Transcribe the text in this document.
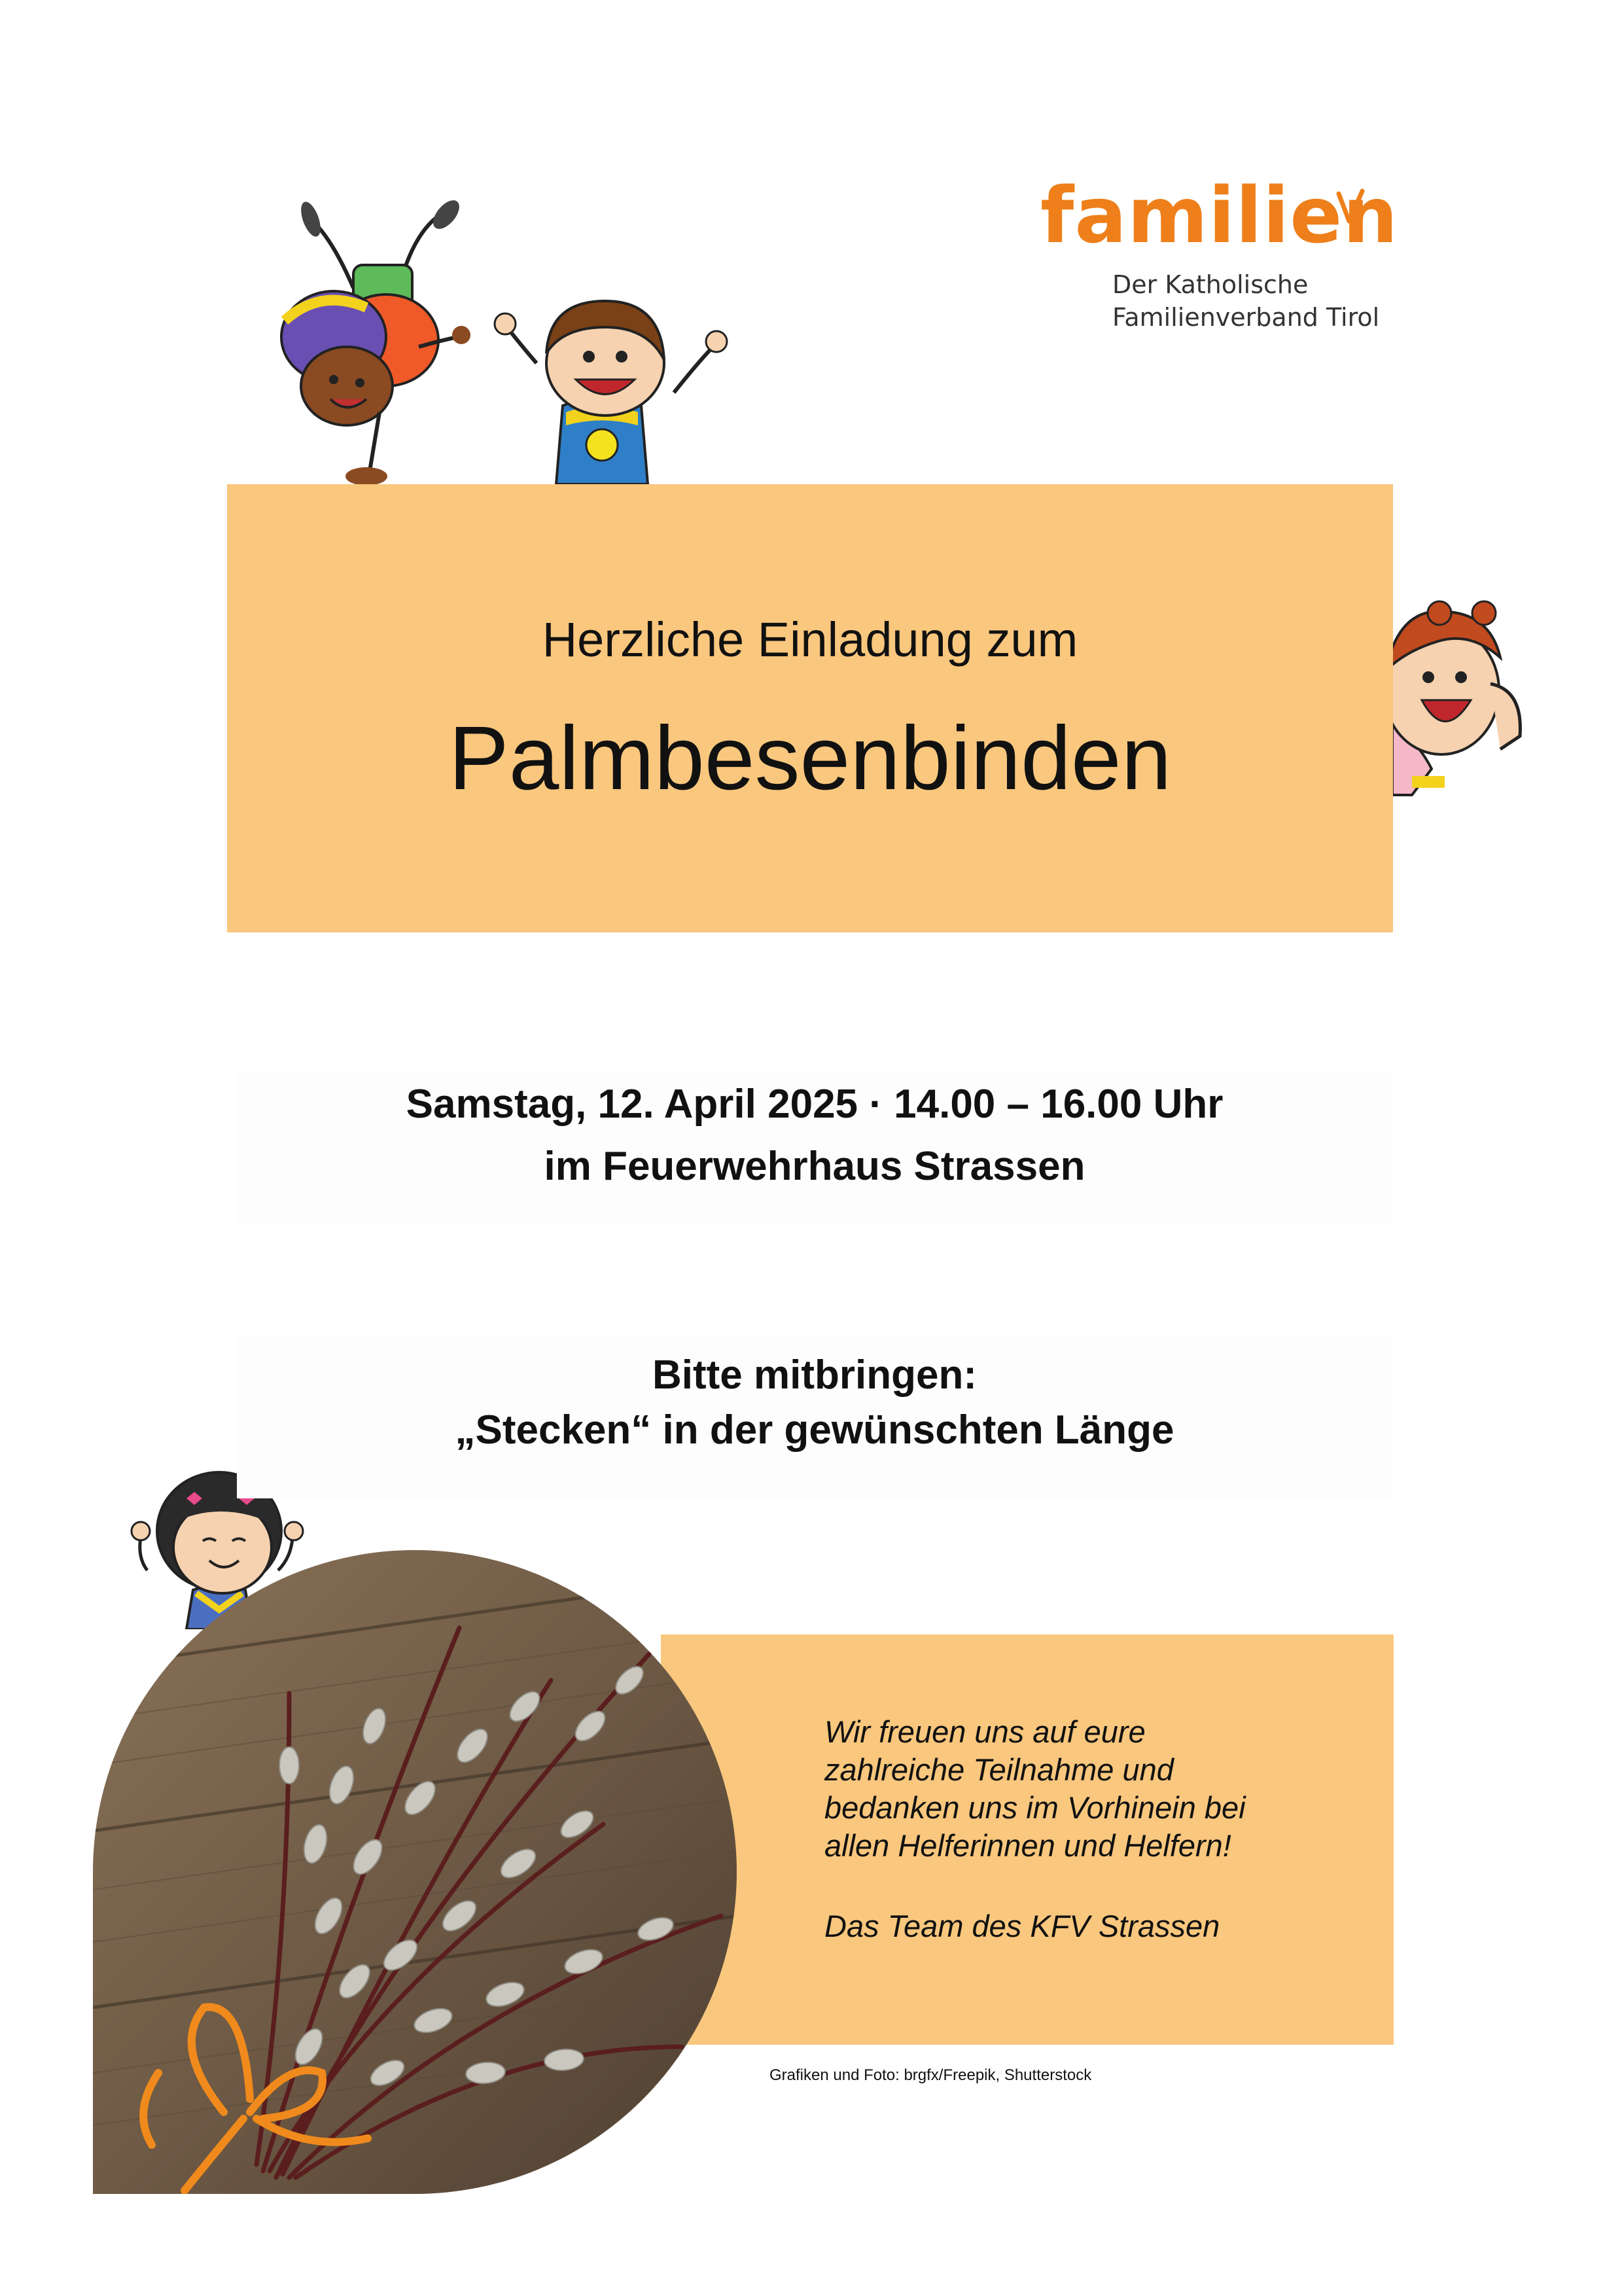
familien
Der Katholische
Familienverband Tirol
Herzliche Einladung zum
Palmbesenbinden
Samstag, 12. April 2025 · 14.00 – 16.00 Uhr
im Feuerwehrhaus Strassen
Bitte mitbringen:
„Stecken“ in der gewünschten Länge
Wir freuen uns auf eure
zahlreiche Teilnahme und
bedanken uns im Vorhinein bei
allen Helferinnen und Helfern!
Das Team des KFV Strassen
Grafiken und Foto: brgfx/Freepik, Shutterstock
